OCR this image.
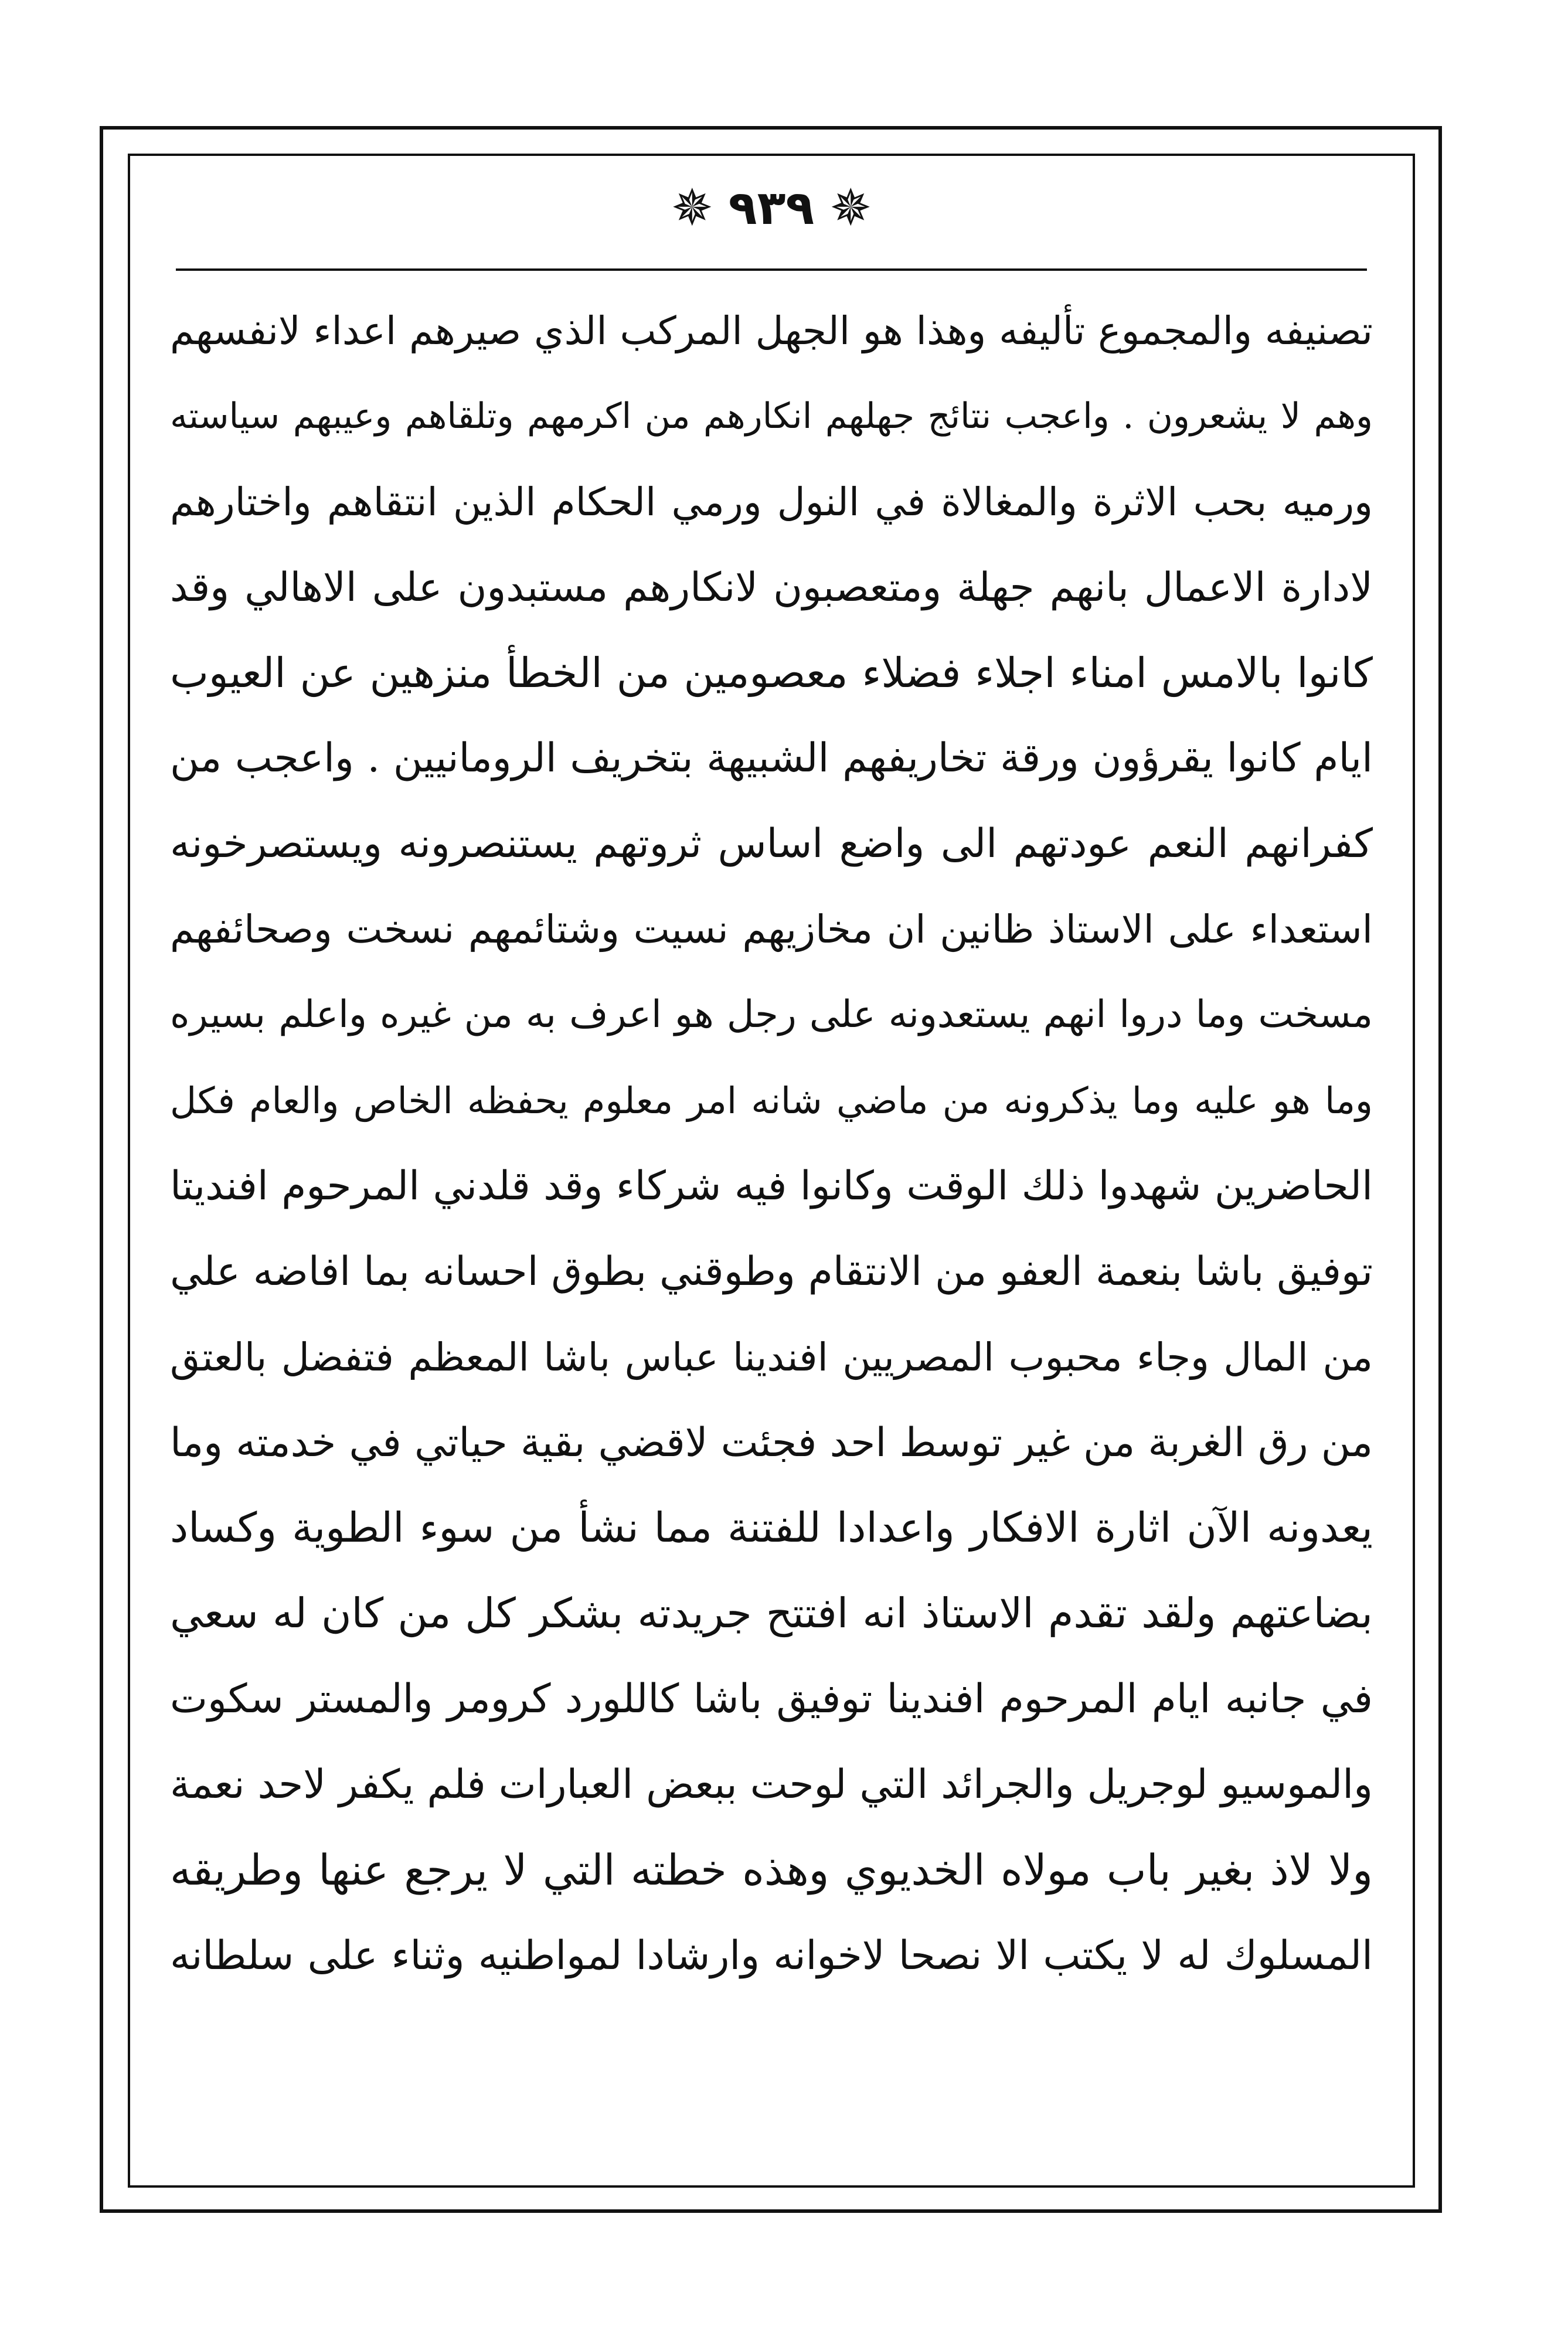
✵ ٩٣٩ ✵
تصنيفه والمجموع تأليفه وهذا هو الجهل المركب الذي صيرهم اعداء لانفسهم
وهم لا يشعرون . واعجب نتائج جهلهم انكارهم من اكرمهم وتلقاهم وعيبهم سياسته
ورميه بحب الاثرة والمغالاة في النول ورمي الحكام الذين انتقاهم واختارهم
لادارة الاعمال بانهم جهلة ومتعصبون لانكارهم مستبدون على الاهالي وقد
كانوا بالامس امناء اجلاء فضلاء معصومين من الخطأ منزهين عن العيوب
ايام كانوا يقرؤون ورقة تخاريفهم الشبيهة بتخريف الرومانيين . واعجب من
كفرانهم النعم عودتهم الى واضع اساس ثروتهم يستنصرونه ويستصرخونه
استعداء على الاستاذ ظانين ان مخازيهم نسيت وشتائمهم نسخت وصحائفهم
مسخت وما دروا انهم يستعدونه على رجل هو اعرف به من غيره واعلم بسيره
وما هو عليه وما يذكرونه من ماضي شانه امر معلوم يحفظه الخاص والعام فكل
الحاضرين شهدوا ذلك الوقت وكانوا فيه شركاء وقد قلدني المرحوم افنديتا
توفيق باشا بنعمة العفو من الانتقام وطوقني بطوق احسانه بما افاضه علي
من المال وجاء محبوب المصريين افندينا عباس باشا المعظم فتفضل بالعتق
من رق الغربة من غير توسط احد فجئت لاقضي بقية حياتي في خدمته وما
يعدونه الآن اثارة الافكار واعدادا للفتنة مما نشأ من سوء الطوية وكساد
بضاعتهم ولقد تقدم الاستاذ انه افتتح جريدته بشكر كل من كان له سعي
في جانبه ايام المرحوم افندينا توفيق باشا كاللورد كرومر والمستر سكوت
والموسيو لوجريل والجرائد التي لوحت ببعض العبارات فلم يكفر لاحد نعمة
ولا لاذ بغير باب مولاه الخديوي وهذه خطته التي لا يرجع عنها وطريقه
المسلوك له لا يكتب الا نصحا لاخوانه وارشادا لمواطنيه وثناء على سلطانه
